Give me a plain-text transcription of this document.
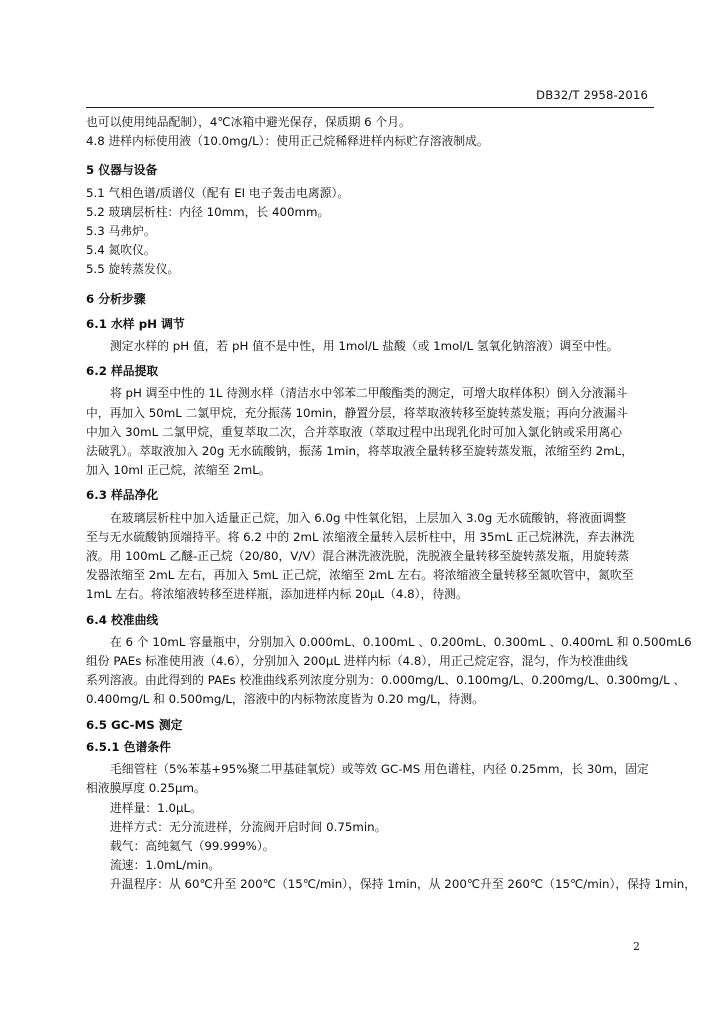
DB32/T 2958-2016
也可以使用纯品配制），4℃冰箱中避光保存，保质期 6 个月。
4.8 进样内标使用液（10.0mg/L）：使用正己烷稀释进样内标贮存溶液制成。
5 仪器与设备
5.1 气相色谱/质谱仪（配有 EI 电子轰击电离源）。
5.2 玻璃层析柱：内径 10mm，长 400mm。
5.3 马弗炉。
5.4 氮吹仪。
5.5 旋转蒸发仪。
6 分析步骤
6.1 水样 pH 调节
测定水样的 pH 值，若 pH 值不是中性，用 1mol/L 盐酸（或 1mol/L 氢氧化钠溶液）调至中性。
6.2 样品提取
将 pH 调至中性的 1L 待测水样（清洁水中邻苯二甲酸酯类的测定，可增大取样体积）倒入分液漏斗
中，再加入 50mL 二氯甲烷，充分振荡 10min，静置分层，将萃取液转移至旋转蒸发瓶；再向分液漏斗
中加入 30mL 二氯甲烷，重复萃取二次，合并萃取液（萃取过程中出现乳化时可加入氯化钠或采用离心
法破乳）。萃取液加入 20g 无水硫酸钠，振荡 1min，将萃取液全量转移至旋转蒸发瓶，浓缩至约 2mL，
加入 10ml 正己烷，浓缩至 2mL。
6.3 样品净化
在玻璃层析柱中加入适量正己烷，加入 6.0g 中性氧化铝，上层加入 3.0g 无水硫酸钠，将液面调整
至与无水硫酸钠顶端持平。将 6.2 中的 2mL 浓缩液全量转入层析柱中，用 35mL 正己烷淋洗，弃去淋洗
液。用 100mL 乙醚-正己烷（20/80，V/V）混合淋洗液洗脱，洗脱液全量转移至旋转蒸发瓶，用旋转蒸
发器浓缩至 2mL 左右，再加入 5mL 正己烷，浓缩至 2mL 左右。将浓缩液全量转移至氮吹管中，氮吹至
1mL 左右。将浓缩液转移至进样瓶，添加进样内标 20μL（4.8），待测。
6.4 校准曲线
在 6 个 10mL 容量瓶中，分别加入 0.000mL、0.100mL 、0.200mL、0.300mL 、0.400mL 和 0.500mL6
组份 PAEs 标准使用液（4.6），分别加入 200μL 进样内标（4.8），用正己烷定容，混匀，作为校准曲线
系列溶液。由此得到的 PAEs 校准曲线系列浓度分别为：0.000mg/L、0.100mg/L、0.200mg/L、0.300mg/L 、
0.400mg/L 和 0.500mg/L，溶液中的内标物浓度皆为 0.20 mg/L，待测。
6.5 GC-MS 测定
6.5.1 色谱条件
毛细管柱（5%苯基+95%聚二甲基硅氧烷）或等效 GC-MS 用色谱柱，内径 0.25mm，长 30m，固定
相液膜厚度 0.25μm。
进样量：1.0μL。
进样方式：无分流进样，分流阀开启时间 0.75min。
载气：高纯氦气（99.999%）。
流速：1.0mL/min。
升温程序：从 60℃升至 200℃（15℃/min），保持 1min，从 200℃升至 260℃（15℃/min），保持 1min，
2
